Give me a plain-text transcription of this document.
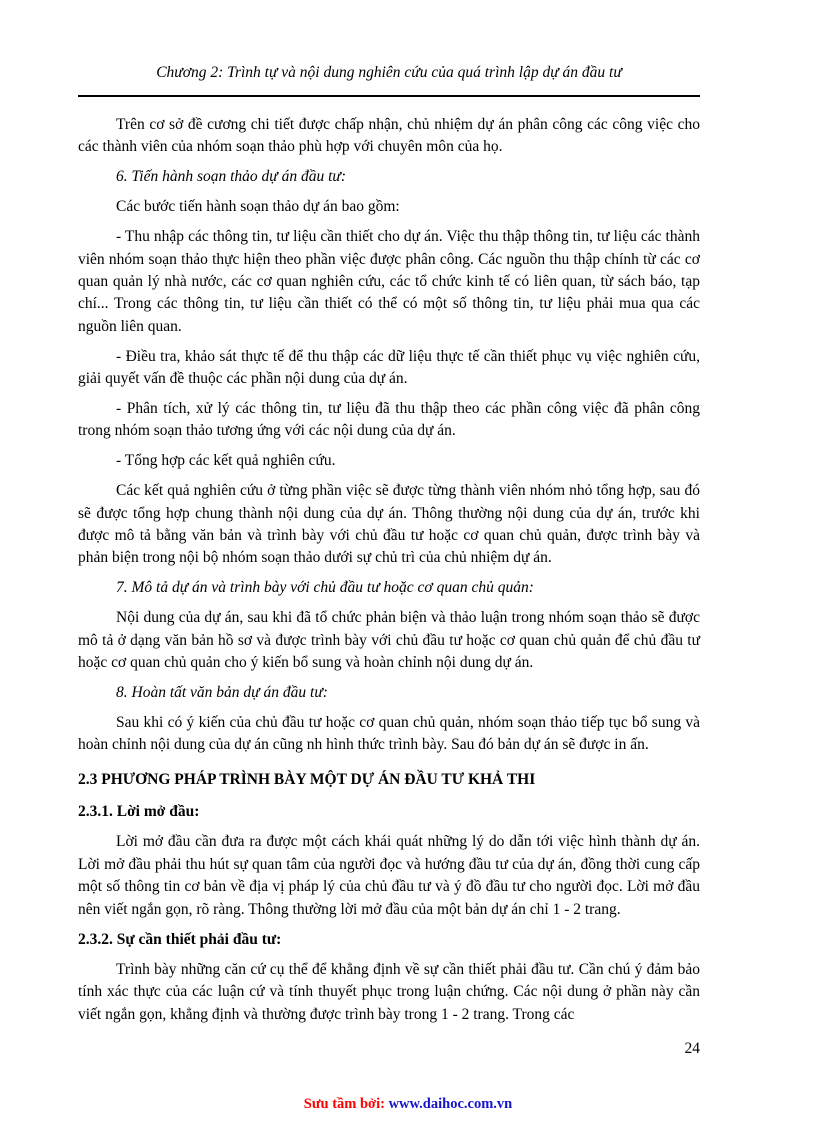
Chương 2: Trình tự và nội dung nghiên cứu của quá trình lập dự án đầu tư

Trên cơ sở đề cương chi tiết được chấp nhận, chủ nhiệm dự án phân công các công việc cho các thành viên của nhóm soạn thảo phù hợp với chuyên môn của họ.

6. Tiến hành soạn thảo dự án đầu tư:

Các bước tiến hành soạn thảo dự án bao gồm:

- Thu nhập các thông tin, tư liệu cần thiết cho dự án. Việc thu thập thông tin, tư liệu các thành viên nhóm soạn thảo thực hiện theo phần việc được phân công. Các nguồn thu thập chính từ các cơ quan quản lý nhà nước, các cơ quan nghiên cứu, các tổ chức kinh tế có liên quan, từ sách báo, tạp chí... Trong các thông tin, tư liệu cần thiết có thể có một số thông tin, tư liệu phải mua qua các nguồn liên quan.

- Điều tra, khảo sát thực tế để thu thập các dữ liệu thực tế cần thiết phục vụ việc nghiên cứu, giải quyết vấn đề thuộc các phần nội dung của dự án.

- Phân tích, xử lý các thông tin, tư liệu đã thu thập theo các phần công việc đã phân công trong nhóm soạn thảo tương ứng với các nội dung của dự án.

- Tổng hợp các kết quả nghiên cứu.

Các kết quả nghiên cứu ở từng phần việc sẽ được từng thành viên nhóm nhỏ tổng hợp, sau đó sẽ được tổng hợp chung thành nội dung của dự án. Thông thường nội dung của dự án, trước khi được mô tả bằng văn bản và trình bày với chủ đầu tư hoặc cơ quan chủ quản, được trình bày và phản biện trong nội bộ nhóm soạn thảo dưới sự chủ trì của chủ nhiệm dự án.

7. Mô tả dự án và trình bày với chủ đầu tư hoặc cơ quan chủ quản:

Nội dung của dự án, sau khi đã tổ chức phản biện và thảo luận trong nhóm soạn thảo sẽ được mô tả ở dạng văn bản hồ sơ và được trình bày với chủ đầu tư hoặc cơ quan chủ quản để chủ đầu tư hoặc cơ quan chủ quản cho ý kiến bổ sung và hoàn chỉnh nội dung dự án.

8. Hoàn tất văn bản dự án đầu tư:

Sau khi có ý kiến của chủ đầu tư hoặc cơ quan chủ quản, nhóm soạn thảo tiếp tục bổ sung và hoàn chỉnh nội dung của dự án cũng nh hình thức trình bày. Sau đó bản dự án sẽ được in ấn.

2.3 PHƯƠNG PHÁP TRÌNH BÀY MỘT DỰ ÁN ĐẦU TƯ KHẢ THI
2.3.1. Lời mở đầu:

Lời mở đầu cần đưa ra được một cách khái quát những lý do dẫn tới việc hình thành dự án. Lời mở đầu phải thu hút sự quan tâm của người đọc và hướng đầu tư của dự án, đồng thời cung cấp một số thông tin cơ bản về địa vị pháp lý của chủ đầu tư và ý đồ đầu tư cho người đọc. Lời mở đầu nên viết ngắn gọn, rõ ràng. Thông thường lời mở đầu của một bản dự án chỉ 1 - 2 trang.

2.3.2. Sự cần thiết phải đầu tư:

Trình bày những căn cứ cụ thể để khẳng định về sự cần thiết phải đầu tư. Cần chú ý đảm bảo tính xác thực của các luận cứ và tính thuyết phục trong luận chứng. Các nội dung ở phần này cần viết ngắn gọn, khẳng định và thường được trình bày trong 1 - 2 trang. Trong các

24
Sưu tầm bởi: www.daihoc.com.vn
